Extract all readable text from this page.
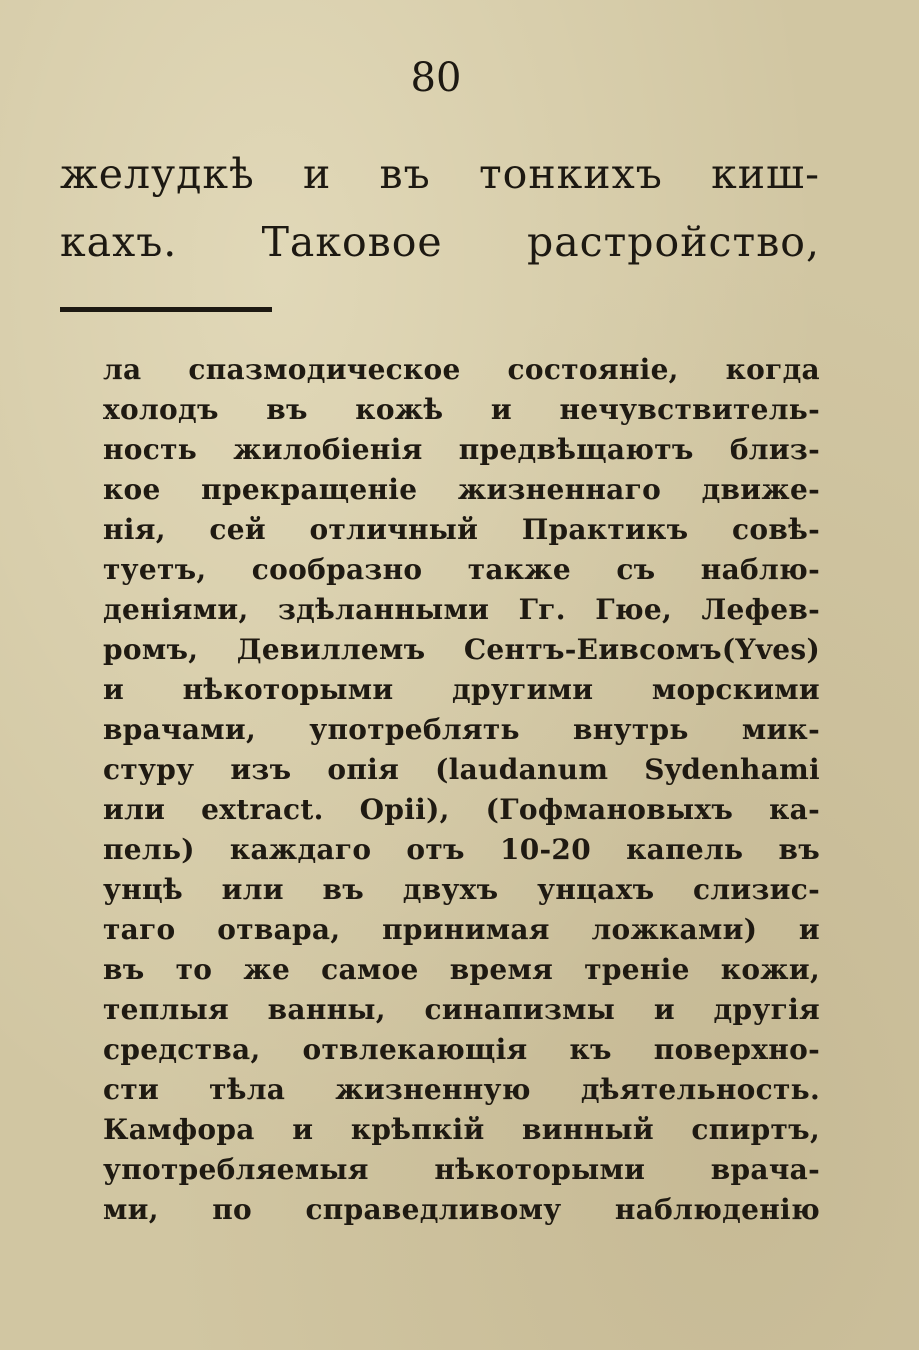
80
желудкѣ и въ тонкихъ киш-
кахъ. Таковое растройство,
ла спазмодическое состояніе, когда
холодъ въ кожѣ и нечувствитель-
ность жилобіенія предвѣщаютъ близ-
кое прекращеніе жизненнаго движе-
нія, сей отличный Практикъ совѣ-
туетъ, сообразно также съ наблю-
деніями, здѣланными Гг. Гюе, Лефев-
ромъ, Девиллемъ Сентъ-Еивсомъ(Yves)
и нѣкоторыми другими морскими
врачами, употреблять внутрь мик-
стуру изъ опія (laudanum Sydenhami
или extract. Opii), (Гофмановыхъ ка-
пель) каждаго отъ 10-20 капель въ
унцѣ или въ двухъ унцахъ слизис-
таго отвара, принимая ложками) и
въ то же самое время треніе кожи,
теплыя ванны, синапизмы и другія
средства, отвлекающія къ поверхно-
сти тѣла жизненную дѣятельность.
Камфора и крѣпкій винный спиртъ,
употребляемыя нѣкоторыми врача-
ми, по справедливому наблюденію
